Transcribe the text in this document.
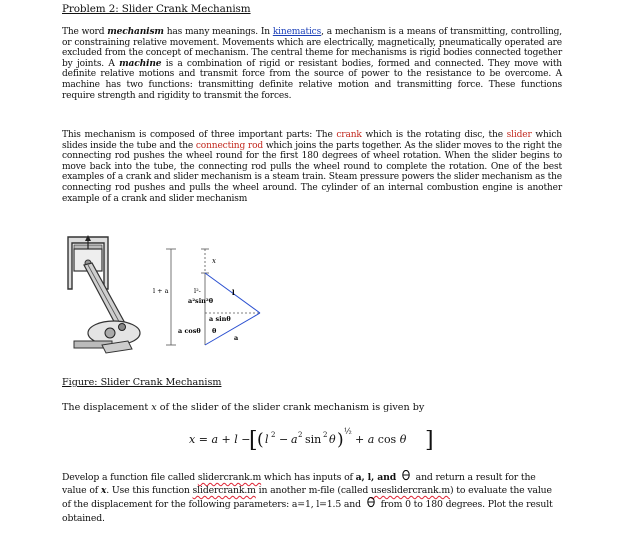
Problem 2: Slider Crank Mechanism
The word mechanism has many meanings. In kinematics, a mechanism is a means of transmitting, controlling, or constraining relative movement. Movements which are electrically, magnetically, pneumatically operated are excluded from the concept of mechanism. The central theme for mechanisms is rigid bodies connected together by joints. A machine is a combination of rigid or resistant bodies, formed and connected. They move with definite relative motions and transmit force from the source of power to the resistance to be overcome. A machine has two functions: transmitting definite relative motion and transmitting force. These functions require strength and rigidity to transmit the forces.
This mechanism is composed of three important parts: The crank which is the rotating disc, the slider which slides inside the tube and the connecting rod which joins the parts together. As the slider moves to the right the connecting rod pushes the wheel round for the first 180 degrees of wheel rotation. When the slider begins to move back into the tube, the connecting rod pulls the wheel round to complete the rotation. One of the best examples of a crank and slider mechanism is a steam train. Steam pressure powers the slider mechanism as the connecting rod pushes and pulls the wheel around. The cylinder of an internal combustion engine is another example of a crank and slider mechanism
x
l + a	l²-
a²sin²θ
l
a sinθ
a cosθ θ
a
Figure: Slider Crank Mechanism
The displacement x of the slider of the slider crank mechanism is given by
x = a + l −
[ ( l 2 − a 2 sin 2 θ ) ½
+ a cos θ ]
Develop a function file called slidercrank.m which has inputs of a, l, and  and return a result for the value of x. Use this function slidercrank.m in another m-file (called useslidercrank.m) to evaluate the value of the displacement for the following parameters: a=1, l=1.5 and  from 0 to 180 degrees. Plot the result obtained.
